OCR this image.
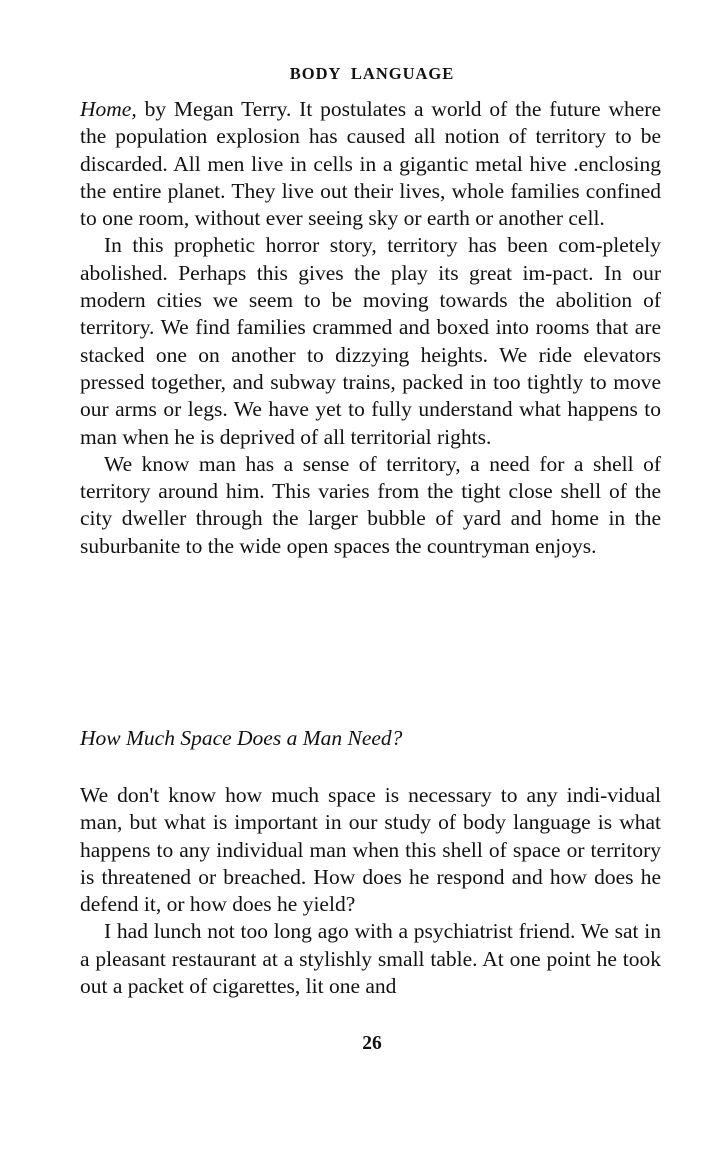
BODY LANGUAGE

Home, by Megan Terry. It postulates a world of the future where the population explosion has caused all notion of territory to be discarded. All men live in cells in a gigantic metal hive .enclosing the entire planet. They live out their lives, whole families confined to one room, without ever seeing sky or earth or another cell.

In this prophetic horror story, territory has been com-pletely abolished. Perhaps this gives the play its great im-pact. In our modern cities we seem to be moving towards the abolition of territory. We find families crammed and boxed into rooms that are stacked one on another to dizzying heights. We ride elevators pressed together, and subway trains, packed in too tightly to move our arms or legs. We have yet to fully understand what happens to man when he is deprived of all territorial rights.

We know man has a sense of territory, a need for a shell of territory around him. This varies from the tight close shell of the city dweller through the larger bubble of yard and home in the suburbanite to the wide open spaces the countryman enjoys.

How Much Space Does a Man Need?

We don't know how much space is necessary to any indi-vidual man, but what is important in our study of body language is what happens to any individual man when this shell of space or territory is threatened or breached. How does he respond and how does he defend it, or how does he yield?

I had lunch not too long ago with a psychiatrist friend. We sat in a pleasant restaurant at a stylishly small table. At one point he took out a packet of cigarettes, lit one and

26
